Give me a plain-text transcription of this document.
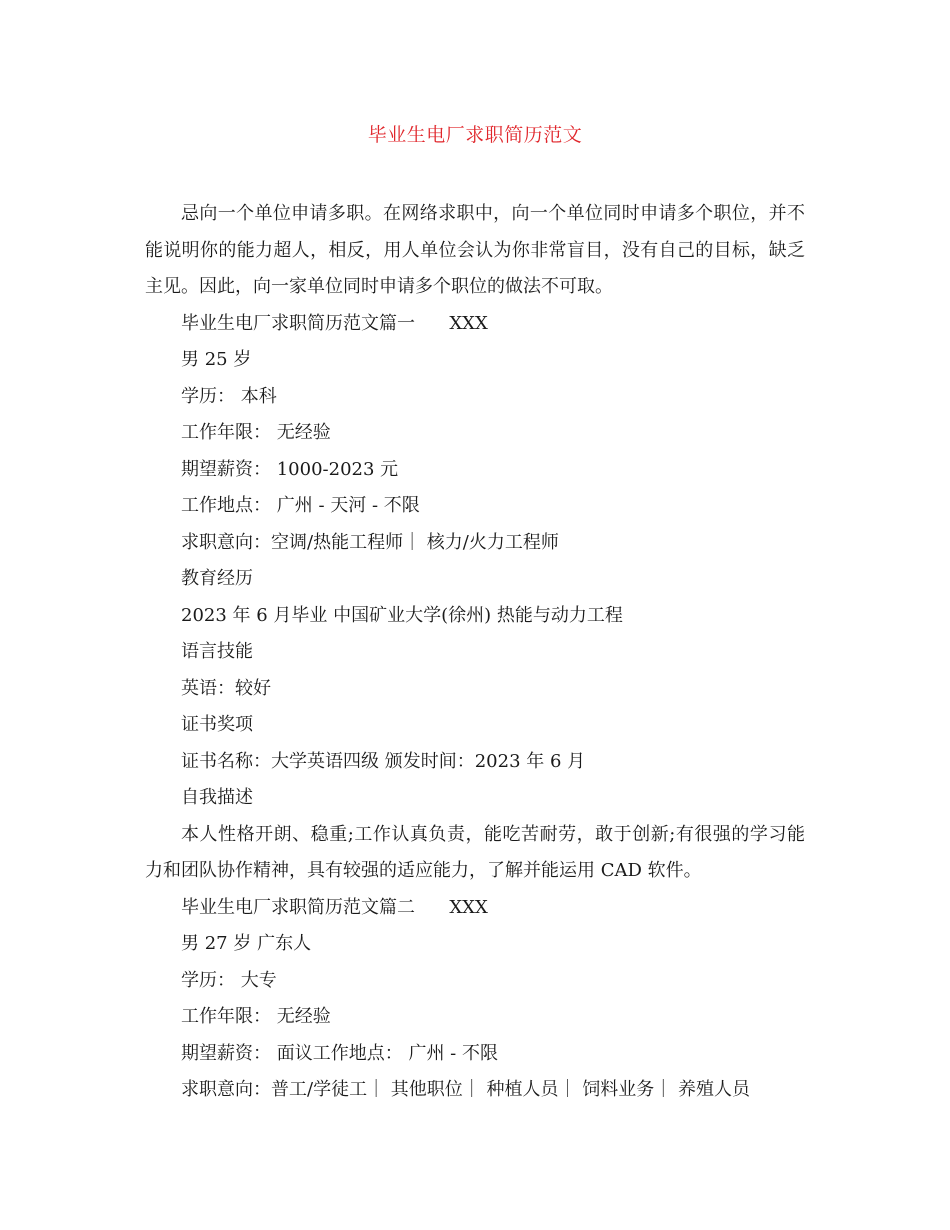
毕业生电厂求职简历范文

忌向一个单位申请多职。在网络求职中，向一个单位同时申请多个职位，并不能说明你的能力超人，相反，用人单位会认为你非常盲目，没有自己的目标，缺乏主见。因此，向一家单位同时申请多个职位的做法不可取。

毕业生电厂求职简历范文篇一      XXX

男 25 岁

学历： 本科

工作年限： 无经验

期望薪资： 1000-2023 元

工作地点： 广州 - 天河 - 不限

求职意向：空调/热能工程师｜ 核力/火力工程师

教育经历

2023 年 6 月毕业 中国矿业大学(徐州) 热能与动力工程

语言技能

英语：较好

证书奖项

证书名称：大学英语四级 颁发时间：2023 年 6 月

自我描述

本人性格开朗、稳重;工作认真负责，能吃苦耐劳，敢于创新;有很强的学习能力和团队协作精神，具有较强的适应能力，了解并能运用 CAD 软件。

毕业生电厂求职简历范文篇二      XXX

男 27 岁 广东人

学历： 大专

工作年限： 无经验

期望薪资： 面议工作地点： 广州 - 不限

求职意向：普工/学徒工｜ 其他职位｜ 种植人员｜ 饲料业务｜ 养殖人员
